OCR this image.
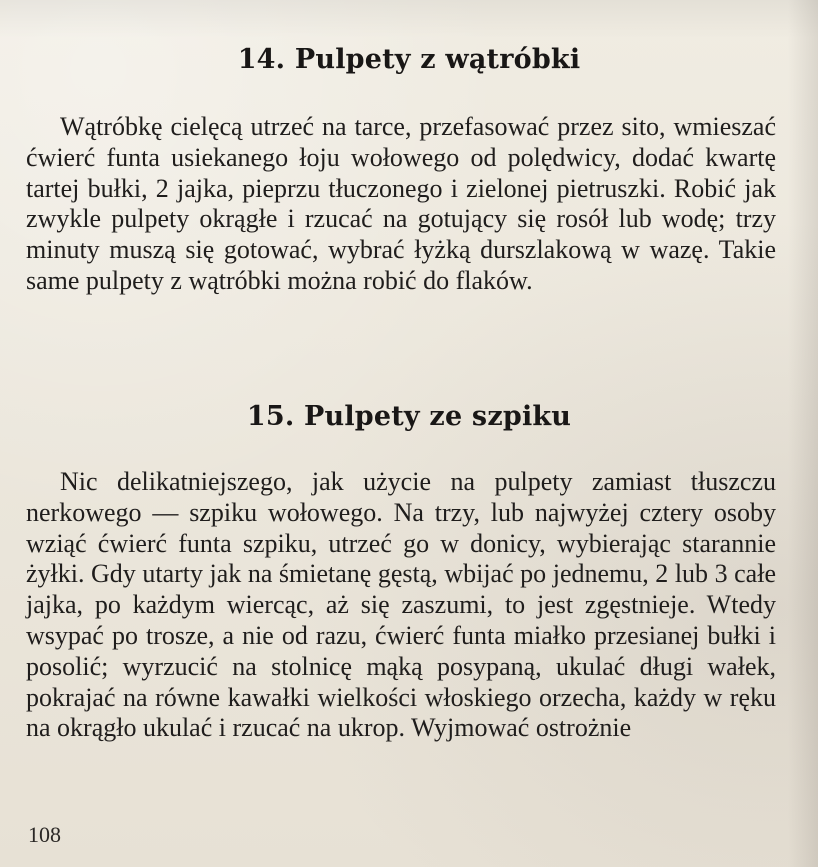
14. Pulpety z wątróbki

Wątróbkę cielęcą utrzeć na tarce, przefasować przez sito, wmieszać ćwierć funta usiekanego łoju wołowego od polędwicy, dodać kwartę tartej bułki, 2 jajka, pieprzu tłuczonego i zielonej pietruszki. Robić jak zwykle pulpety okrągłe i rzucać na gotujący się rosół lub wodę; trzy minuty muszą się gotować, wybrać łyżką durszlakową w wazę. Takie same pulpety z wątróbki można robić do flaków.

15. Pulpety ze szpiku

Nic delikatniejszego, jak użycie na pulpety zamiast tłuszczu nerkowego — szpiku wołowego. Na trzy, lub najwyżej cztery osoby wziąć ćwierć funta szpiku, utrzeć go w donicy, wybierając starannie żyłki. Gdy utarty jak na śmietanę gęstą, wbijać po jednemu, 2 lub 3 całe jajka, po każdym wiercąc, aż się zaszumi, to jest zgęstnieje. Wtedy wsypać po trosze, a nie od razu, ćwierć funta miałko przesianej bułki i posolić; wyrzucić na stolnicę mąką posypaną, ukulać długi wałek, pokrajać na równe kawałki wielkości włoskiego orzecha, każdy w ręku na okrągło ukulać i rzucać na ukrop. Wyjmować ostrożnie

108
